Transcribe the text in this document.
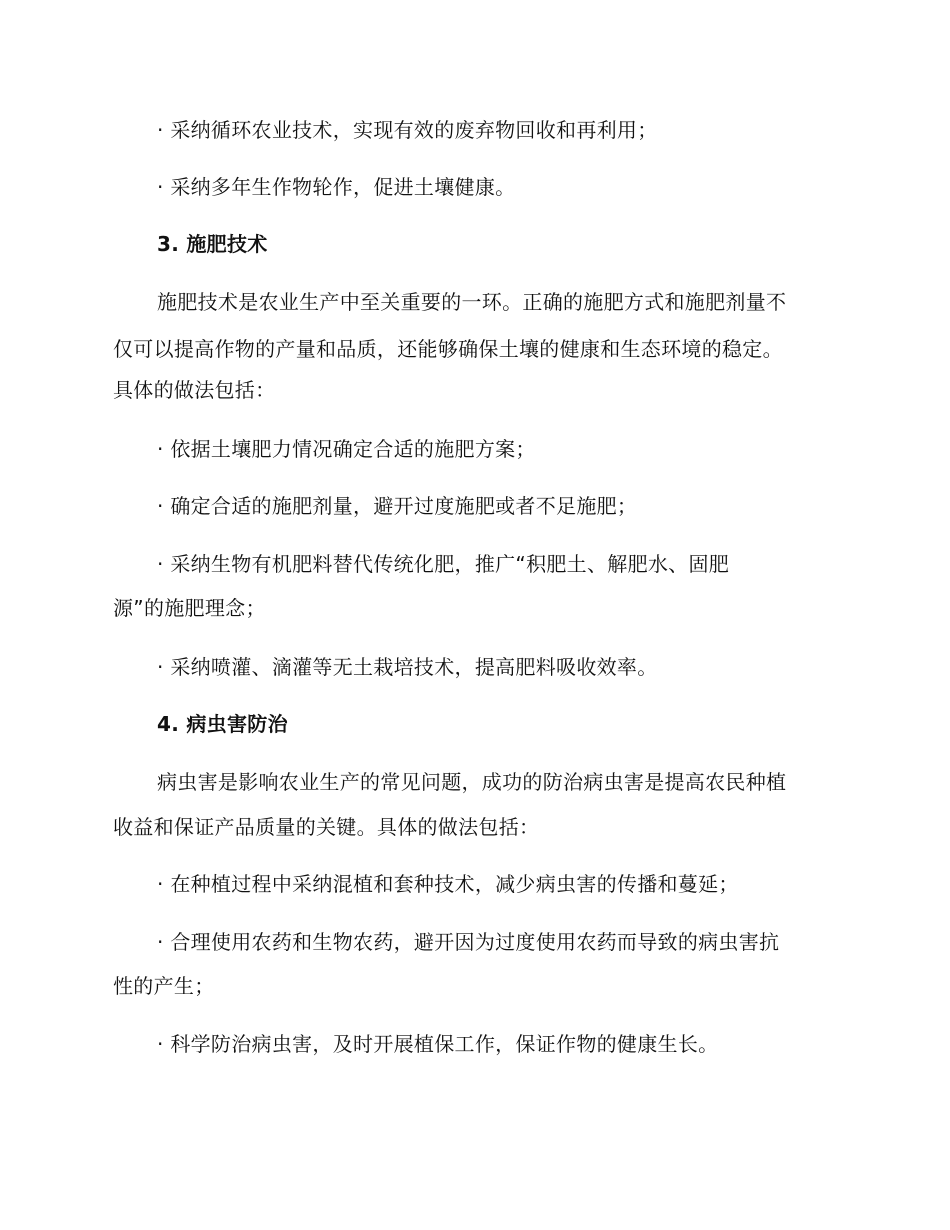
· 采纳循环农业技术，实现有效的废弃物回收和再利用；
· 采纳多年生作物轮作，促进土壤健康。
3. 施肥技术
施肥技术是农业生产中至关重要的一环。正确的施肥方式和施肥剂量不
仅可以提高作物的产量和品质，还能够确保土壤的健康和生态环境的稳定。
具体的做法包括：
· 依据土壤肥力情况确定合适的施肥方案；
· 确定合适的施肥剂量，避开过度施肥或者不足施肥；
· 采纳生物有机肥料替代传统化肥，推广“积肥土、解肥水、固肥
源”的施肥理念；
· 采纳喷灌、滴灌等无土栽培技术，提高肥料吸收效率。
4. 病虫害防治
病虫害是影响农业生产的常见问题，成功的防治病虫害是提高农民种植
收益和保证产品质量的关键。具体的做法包括：
· 在种植过程中采纳混植和套种技术，减少病虫害的传播和蔓延；
· 合理使用农药和生物农药，避开因为过度使用农药而导致的病虫害抗
性的产生；
· 科学防治病虫害，及时开展植保工作，保证作物的健康生长。
